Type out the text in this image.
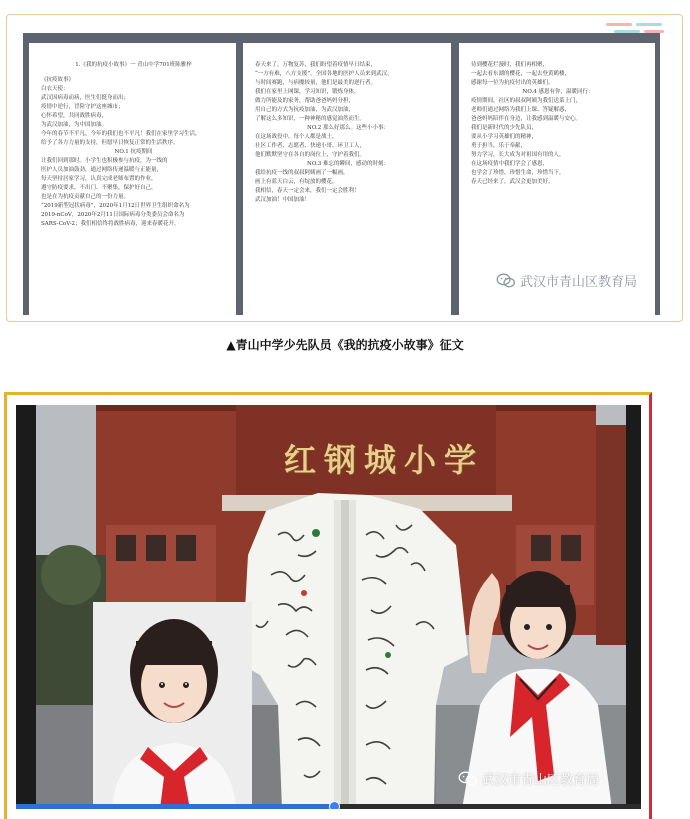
1.《我的抗疫小故事》一 青山中学701班陈雅梓
《抗疫故事》
白衣天使：
武汉因病毒而病，医生们挺身而出；
疫情中逆行，冒险守护这座城市；
心怀希望，共同战胜病毒，
为武汉加油，为中国加油。
今年的春节不平凡，今年的我们也不平凡！我们在家里学习生活，
给予了各方力量的支持，但愿早日恢复正常的生活秩序。
NO.1 抗疫期间
让我们回到那时。小学生也积极参与抗疫，为一线的
医护人员加油鼓劲，通过网络传递温暖与正能量，
每天坚持居家学习，认真完成老师布置的作业，
遵守防疫要求，不出门、不聚集，保护好自己，
也是在为抗疫贡献自己的一份力量。
“2019新型冠状病毒”，2020年1月12日世界卫生组织命名为
2019-nCoV，2020年2月11日国际病毒分类委员会命名为
SARS-CoV-2；我们相信终将战胜病毒，迎来春暖花开。
春天来了，万物复苏，我们盼望着疫情早日结束，
“一方有难，八方支援”，全国各地的医护人员来到武汉，
与时间赛跑，与病魔较量，他们是最美的逆行者。
我们在家里上网课，学习知识，锻炼身体，
做力所能及的家务，帮助爸爸妈妈分担，
用自己的方式为抗疫加油，为武汉加油，
了解这么多知识，一种神秘的感觉油然而生。
NO.2 那么好那么。这些小小事：
在这场战役中，每个人都是战士，
社区工作者、志愿者、快递小哥、环卫工人，
他们默默坚守在各自的岗位上，守护着我们。
NO.3 难忘的瞬间，感动的时刻：
我给抗疫一线的叔叔阿姨画了一幅画，
画上有蓝天白云，有绽放的樱花，
我相信，春天一定会来，我们一定会胜利！
武汉加油！中国加油！
待到樱花烂漫时，我们再相聚，
一起去看东湖的樱花，一起去登黄鹤楼，
感谢每一位为抗疫付出的英雄们。
NO.4 感恩有你，温暖同行：
疫情期间，社区的叔叔阿姨为我们送菜上门，
老师们通过网络为我们上课、答疑解惑，
爸爸妈妈陪伴在身边，让我感到温暖与安心。
我们是新时代的少先队员，
要从小学习英雄们的精神，
勇于担当，乐于奉献，
努力学习，长大成为对祖国有用的人，
在这场疫情中我们学会了感恩，
也学会了珍惜，珍惜生命，珍惜当下，
春天已经来了，武汉会更加美好。
武汉市青山区教育局
▲青山中学少先队员《我的抗疫小故事》征文
红钢城小学
武汉市青山区教育局
